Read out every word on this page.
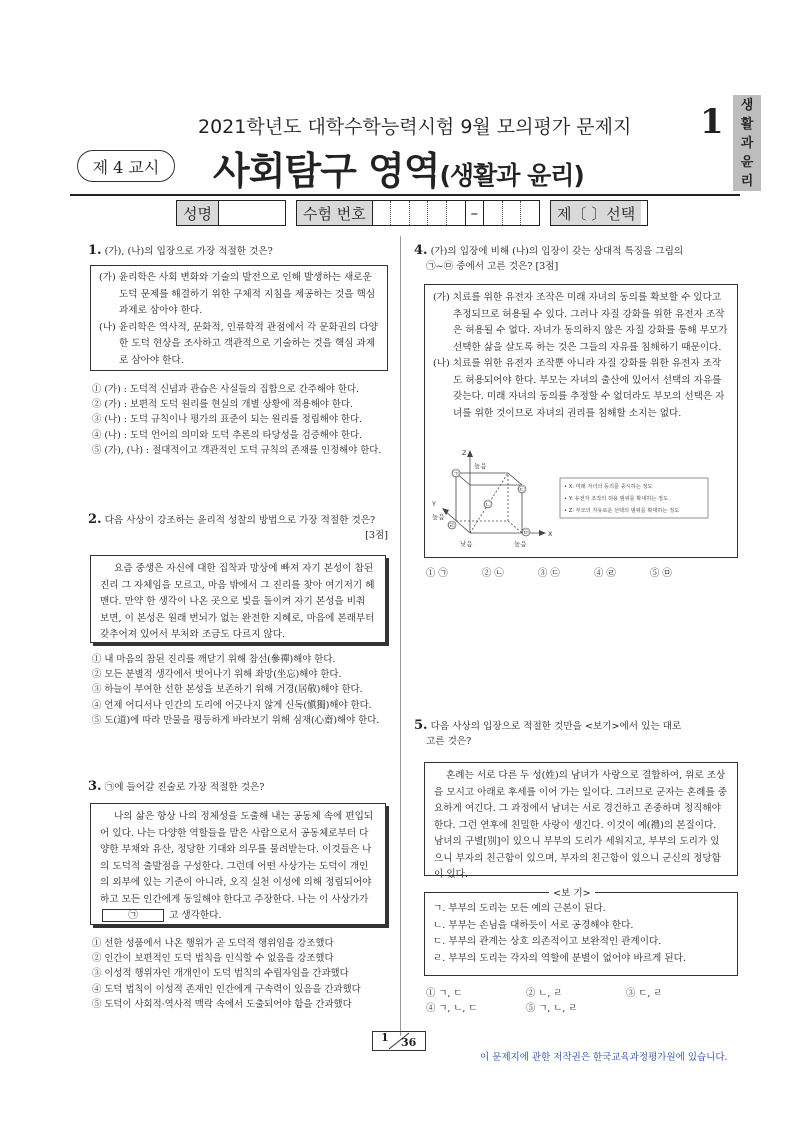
2021학년도 대학수학능력시험 9월 모의평가 문제지	1 생
활
과
윤
리
제 4 교시	사회탐구 영역(생활과 윤리)
성명	수험 번호	–	제〔 〕선택
1. (가), (나)의 입장으로 가장 적절한 것은?
(가) 윤리학은 사회 변화와 기술의 발전으로 인해 발생하는 새로운 도덕 문제를 해결하기 위한 구체적 지침을 제공하는 것을 핵심 과제로 삼아야 한다.
(나) 윤리학은 역사적, 문화적, 인류학적 관점에서 각 문화권의 다양한 도덕 현상을 조사하고 객관적으로 기술하는 것을 핵심 과제로 삼아야 한다.
① (가) : 도덕적 신념과 관습은 사실들의 집합으로 간주해야 한다.
② (가) : 보편적 도덕 원리를 현실의 개별 상황에 적용해야 한다.
③ (나) : 도덕 규칙이나 평가의 표준이 되는 원리를 정립해야 한다.
④ (나) : 도덕 언어의 의미와 도덕 추론의 타당성을 검증해야 한다.
⑤ (가), (나) : 절대적이고 객관적인 도덕 규칙의 존재를 인정해야 한다.
2. 다음 사상이 강조하는 윤리적 성찰의 방법으로 가장 적절한 것은?
[3점]
요즘 중생은 자신에 대한 집착과 망상에 빠져 자기 본성이 참된 진리 그 자체임을 모르고, 마음 밖에서 그 진리를 찾아 여기저기 헤맨다. 만약 한 생각이 나온 곳으로 빛을 돌이켜 자기 본성을 비춰 보면, 이 본성은 원래 번뇌가 없는 완전한 지혜로, 마음에 본래부터 갖추어져 있어서 부처와 조금도 다르지 않다.
① 내 마음의 참된 진리를 깨닫기 위해 참선(參禪)해야 한다.
② 모든 분별적 생각에서 벗어나기 위해 좌망(坐忘)해야 한다.
③ 하늘이 부여한 선한 본성을 보존하기 위해 거경(居敬)해야 한다.
④ 언제 어디서나 인간의 도리에 어긋나지 않게 신독(愼獨)해야 한다.
⑤ 도(道)에 따라 만물을 평등하게 바라보기 위해 심재(心齋)해야 한다.
3. ㉠에 들어갈 진술로 가장 적절한 것은?
나의 삶은 항상 나의 정체성을 도출해 내는 공동체 속에 편입되어 있다. 나는 다양한 역할들을 맡은 사람으로서 공동체로부터 다양한 부채와 유산, 정당한 기대와 의무를 물려받는다. 이것들은 나의 도덕적 출발점을 구성한다. 그런데 어떤 사상가는 도덕이 개인의 외부에 있는 기준이 아니라, 오직 실천 이성에 의해 정립되어야 하고 모든 인간에게 동일해야 한다고 주장한다. 나는 이 사상가가 ㉠	고 생각한다.
① 선한 성품에서 나온 행위가 곧 도덕적 행위임을 강조했다
② 인간이 보편적인 도덕 법칙을 인식할 수 없음을 강조했다
③ 이성적 행위자인 개개인이 도덕 법칙의 수립자임을 간과했다
④ 도덕 법칙이 이성적 존재인 인간에게 구속력이 있음을 간과했다
⑤ 도덕이 사회적·역사적 맥락 속에서 도출되어야 함을 간과했다
4. (가)의 입장에 비해 (나)의 입장이 갖는 상대적 특징을 그림의
㉠~㉤ 중에서 고른 것은? [3점]
(가) 치료를 위한 유전자 조작은 미래 자녀의 동의를 확보할 수 있다고 추정되므로 허용될 수 있다. 그러나 자질 강화를 위한 유전자 조작은 허용될 수 없다. 자녀가 동의하지 않은 자질 강화를 통해 부모가 선택한 삶을 살도록 하는 것은 그들의 자유를 침해하기 때문이다.
(나) 치료를 위한 유전자 조작뿐 아니라 자질 강화를 위한 유전자 조작도 허용되어야 한다. 부모는 자녀의 출산에 있어서 선택의 자유를 갖는다. 미래 자녀의 동의를 추정할 수 없더라도 부모의 선택은 자녀를 위한 것이므로 자녀의 권리를 침해할 소지는 없다.
Z
높음
Y
높음
낮음	높음
X
㉠
㉡
㉢
㉣
㉤
• X: 미래 자녀의 동의를 중시하는 정도
• Y: 유전자 조작의 허용 범위를 확대하는 정도
• Z: 부모의 자유로운 선택의 범위를 확대하는 정도
① ㉠	② ㉡	③ ㉢	④ ㉣	⑤ ㉤
5. 다음 사상의 입장으로 적절한 것만을 <보기>에서 있는 대로
고른 것은?
혼례는 서로 다른 두 성(姓)의 남녀가 사랑으로 결합하여, 위로 조상을 모시고 아래로 후세를 이어 가는 일이다. 그러므로 군자는 혼례를 중요하게 여긴다. 그 과정에서 남녀는 서로 경건하고 존중하며 정직해야 한다. 그런 연후에 친밀한 사랑이 생긴다. 이것이 예(禮)의 본질이다. 남녀의 구별[別]이 있으니 부부의 도리가 세워지고, 부부의 도리가 있으니 부자의 친근함이 있으며, 부자의 친근함이 있으니 군신의 정당함이 있다.
ㄱ. 부부의 도리는 모든 예의 근본이 된다.
ㄴ. 부부는 손님을 대하듯이 서로 공경해야 한다.
ㄷ. 부부의 관계는 상호 의존적이고 보완적인 관계이다.
ㄹ. 부부의 도리는 각자의 역할에 분별이 없어야 바르게 된다.
<보 기>
① ㄱ, ㄷ	② ㄴ, ㄹ	③ ㄷ, ㄹ
④ ㄱ, ㄴ, ㄷ	⑤ ㄱ, ㄴ, ㄹ
1 36
이 문제지에 관한 저작권은 한국교육과정평가원에 있습니다.
